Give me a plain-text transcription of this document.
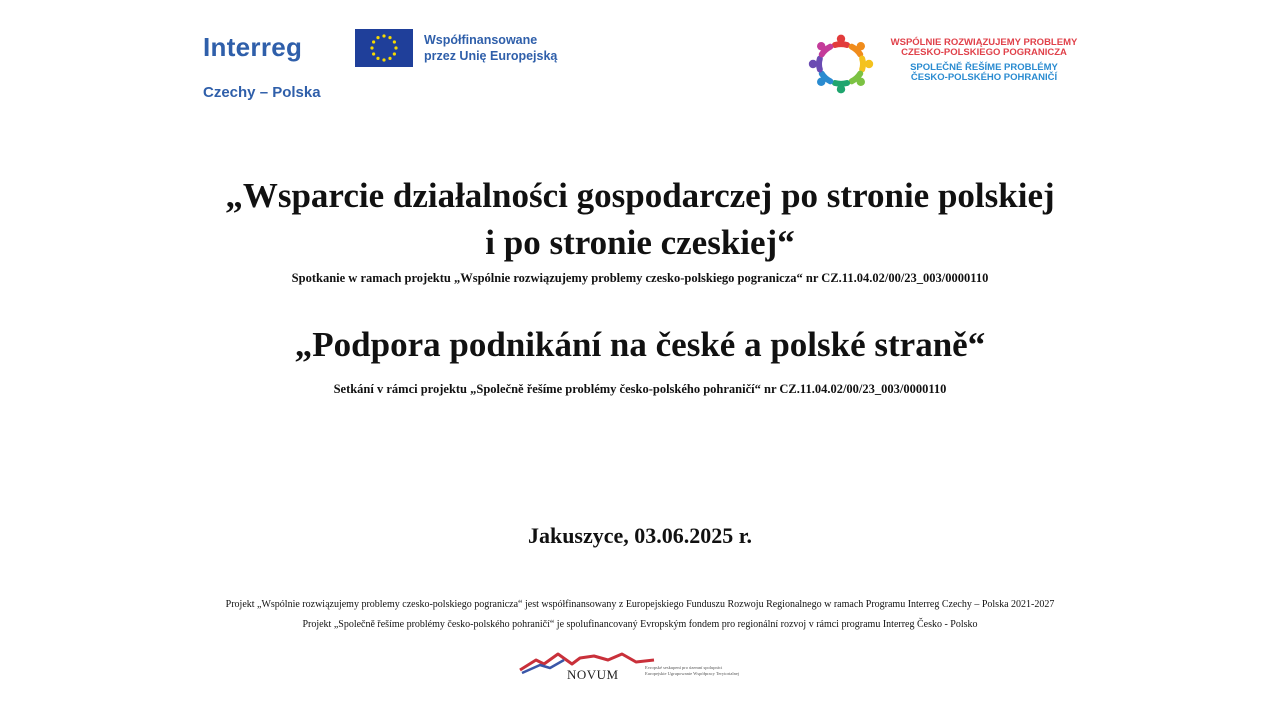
Interreg	Współfinansowane
przez Unię Europejską
Czechy – Polska
WSPÓLNIE ROZWIĄZUJEMY PROBLEMY
CZESKO-POLSKIEGO POGRANICZA
SPOLEČNĚ ŘEŠÍME PROBLÉMY
ČESKO-POLSKÉHO POHRANIČÍ
„Wsparcie działalności gospodarczej po stronie polskiej
i po stronie czeskiej“
Spotkanie w ramach projektu „Wspólnie rozwiązujemy problemy czesko-polskiego pogranicza“ nr CZ.11.04.02/00/23_003/0000110
„Podpora podnikání na české a polské straně“
Setkání v rámci projektu „Společně řešíme problémy česko-polského pohraničí“ nr CZ.11.04.02/00/23_003/0000110
Jakuszyce, 03.06.2025 r.
Projekt „Wspólnie rozwiązujemy problemy czesko-polskiego pogranicza“ jest współfinansowany z Europejskiego Funduszu Rozwoju Regionalnego w ramach Programu Interreg Czechy – Polska 2021-2027
Projekt „Společně řešíme problémy česko-polského pohraničí“ je spolufinancovaný Evropským fondem pro regionální rozvoj v rámci programu Interreg Česko - Polsko
NOVUM	Evropské seskupení pro územní spolupráci
Europejskie Ugrupowanie Współpracy Terytorialnej
